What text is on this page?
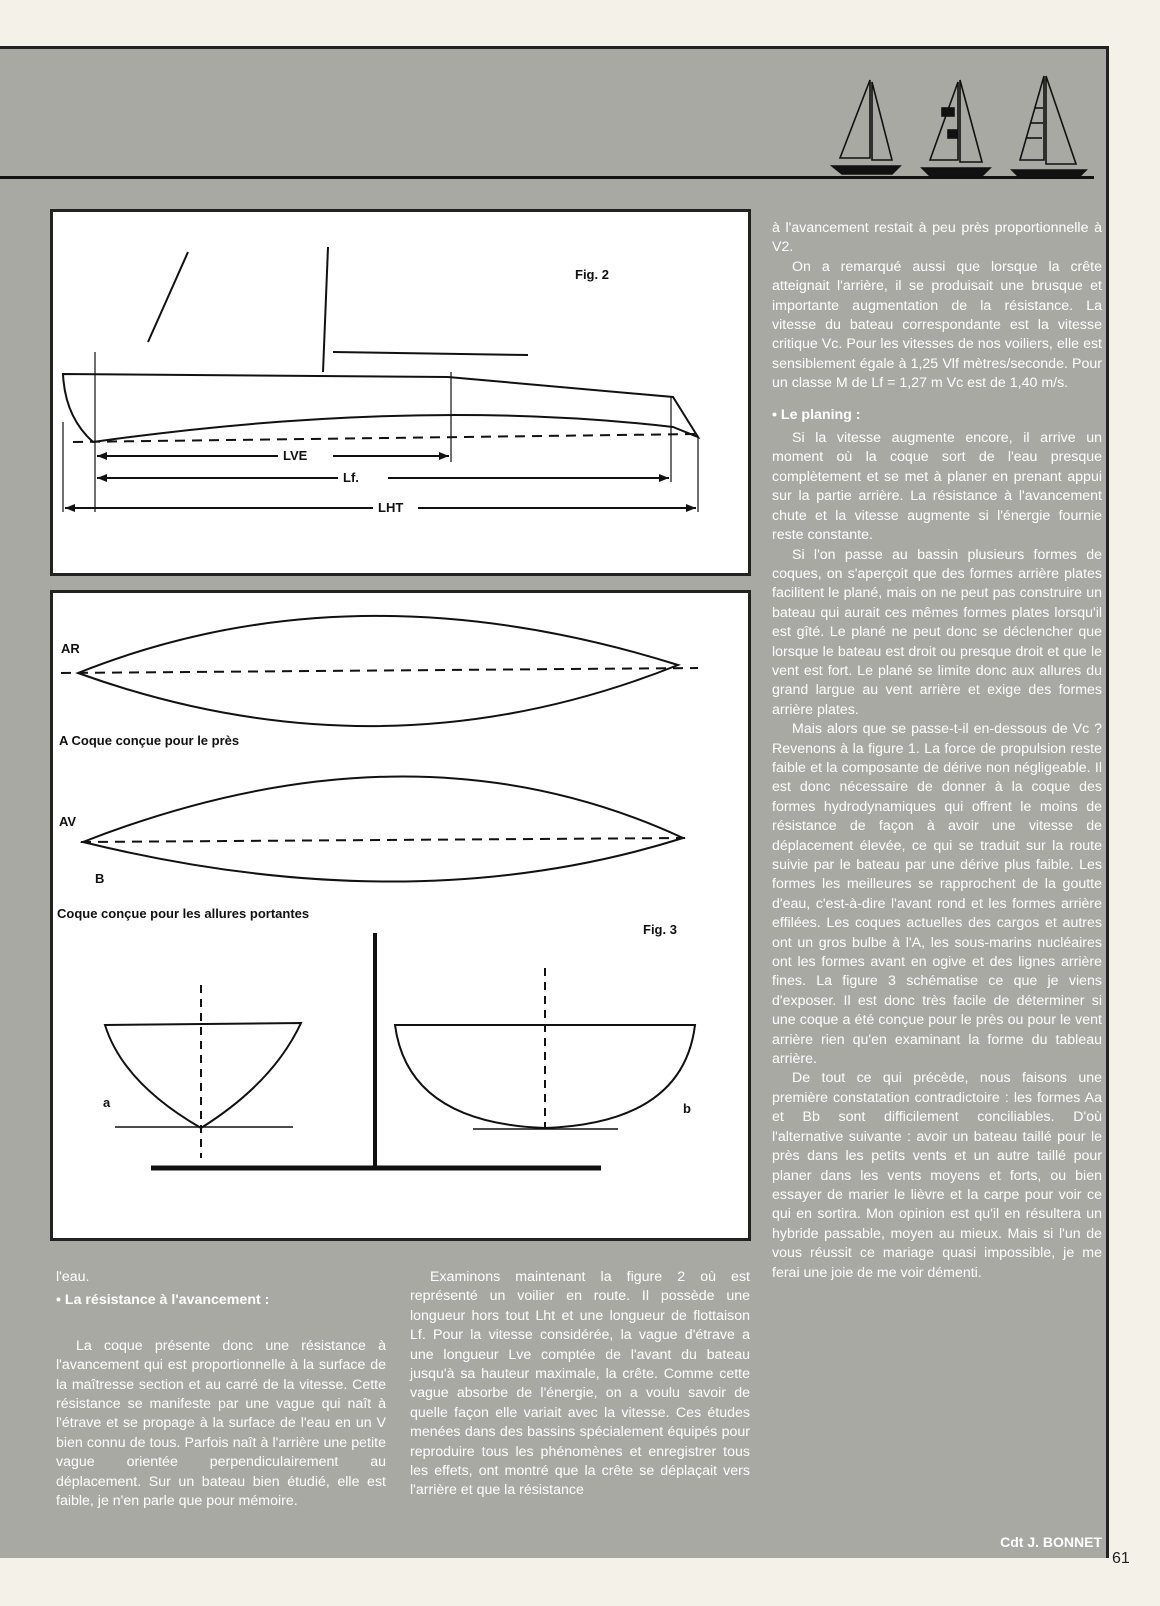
Fig. 2
LVE
Lf.
LHT
AR
A Coque conçue pour le près
AV
B
Coque conçue pour les allures portantes
Fig. 3
a	b

à l'avancement restait à peu près proportionnelle à V2.

On a remarqué aussi que lorsque la crête atteignait l'arrière, il se produisait une brusque et importante augmentation de la résistance. La vitesse du bateau correspondante est la vitesse critique Vc. Pour les vitesses de nos voiliers, elle est sensiblement égale à 1,25 Vlf mètres/seconde. Pour un classe M de Lf = 1,27 m Vc est de 1,40 m/s.

• Le planing :

Si la vitesse augmente encore, il arrive un moment où la coque sort de l'eau presque complètement et se met à planer en prenant appui sur la partie arrière. La résistance à l'avancement chute et la vitesse augmente si l'énergie fournie reste constante.

Si l'on passe au bassin plusieurs formes de coques, on s'aperçoit que des formes arrière plates facilitent le plané, mais on ne peut pas construire un bateau qui aurait ces mêmes formes plates lorsqu'il est gîté. Le plané ne peut donc se déclencher que lorsque le bateau est droit ou presque droit et que le vent est fort. Le plané se limite donc aux allures du grand largue au vent arrière et exige des formes arrière plates.

Mais alors que se passe-t-il en-dessous de Vc ? Revenons à la figure 1. La force de propulsion reste faible et la composante de dérive non négligeable. Il est donc nécessaire de donner à la coque des formes hydrodynamiques qui offrent le moins de résistance de façon à avoir une vitesse de déplacement élevée, ce qui se traduit sur la route suivie par le bateau par une dérive plus faible. Les formes les meilleures se rapprochent de la goutte d'eau, c'est-à-dire l'avant rond et les formes arrière effilées. Les coques actuelles des cargos et autres ont un gros bulbe à l'A, les sous-marins nucléaires ont les formes avant en ogive et des lignes arrière fines. La figure 3 schématise ce que je viens d'exposer. Il est donc très facile de déterminer si une coque a été conçue pour le près ou pour le vent arrière rien qu'en examinant la forme du tableau arrière.

De tout ce qui précède, nous faisons une première constatation contradictoire : les formes Aa et Bb sont difficilement conciliables. D'où l'alternative suivante : avoir un bateau taillé pour le près dans les petits vents et un autre taillé pour planer dans les vents moyens et forts, ou bien essayer de marier le lièvre et la carpe pour voir ce qui en sortira. Mon opinion est qu'il en résultera un hybride passable, moyen au mieux. Mais si l'un de vous réussit ce mariage quasi impossible, je me ferai une joie de me voir démenti.

l'eau.

• La résistance à l'avancement :

La coque présente donc une résistance à l'avancement qui est proportionnelle à la surface de la maîtresse section et au carré de la vitesse. Cette résistance se manifeste par une vague qui naît à l'étrave et se propage à la surface de l'eau en un V bien connu de tous. Parfois naît à l'arrière une petite vague orientée perpendiculairement au déplacement. Sur un bateau bien étudié, elle est faible, je n'en parle que pour mémoire.

Examinons maintenant la figure 2 où est représenté un voilier en route. Il possède une longueur hors tout Lht et une longueur de flottaison Lf. Pour la vitesse considérée, la vague d'étrave a une longueur Lve comptée de l'avant du bateau jusqu'à sa hauteur maximale, la crête. Comme cette vague absorbe de l'énergie, on a voulu savoir de quelle façon elle variait avec la vitesse. Ces études menées dans des bassins spécialement équipés pour reproduire tous les phénomènes et enregistrer tous les effets, ont montré que la crête se déplaçait vers l'arrière et que la résistance

Cdt J. BONNET
61
